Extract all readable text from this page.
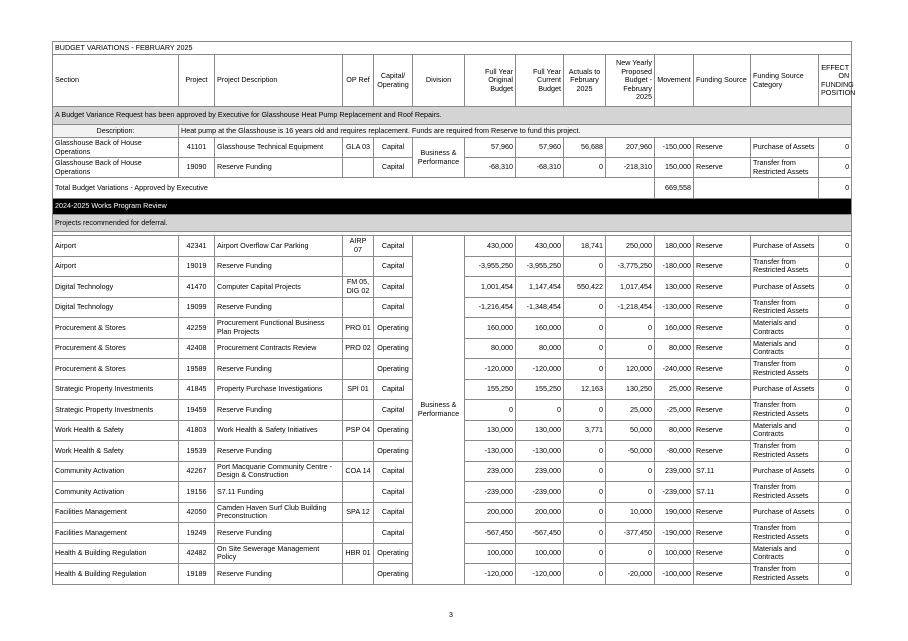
BUDGET VARIATIONS - FEBRUARY 2025													
Section	Project	Project Description	OP Ref	Capital/ Operating	Division	Full Year Original Budget	Full Year Current Budget	Actuals to February 2025	New Yearly Proposed Budget - February 2025	Movement	Funding Source	Funding Source Category	EFFECT ON FUNDING POSITION
A Budget Variance Request has been approved by Executive for Glasshouse Heat Pump Replacement and Roof Repairs.													
Description:	Heat pump at the Glasshouse is 16 years old and requires replacement. Funds are required from Reserve to fund this project.												
Glasshouse Back of House Operations	41101	Glasshouse Technical Equipment	GLA 03	Capital	Business & Performance	57,960	57,960	56,688	207,960	-150,000	Reserve	Purchase of Assets	0
Glasshouse Back of House Operations	19090	Reserve Funding		Capital		-68,310	-68,310	0	-218,310	150,000	Reserve	Transfer from Restricted Assets	0
Total Budget Variations - Approved by Executive										669,558			0
2024-2025 Works Program Review													
Projects recommended for deferral.													

Airport	42341	Airport Overflow Car Parking	AIRP 07	Capital	Business & Performance	430,000	430,000	18,741	250,000	180,000	Reserve	Purchase of Assets	0
Airport	19019	Reserve Funding		Capital		-3,955,250	-3,955,250	0	-3,775,250	-180,000	Reserve	Transfer from Restricted Assets	0
Digital Technology	41470	Computer Capital Projects	FM 05, DIG 02	Capital		1,001,454	1,147,454	550,422	1,017,454	130,000	Reserve	Purchase of Assets	0
Digital Technology	19099	Reserve Funding		Capital		-1,216,454	-1,348,454	0	-1,218,454	-130,000	Reserve	Transfer from Restricted Assets	0
Procurement & Stores	42259	Procurement Functional Business Plan Projects	PRO 01	Operating		160,000	160,000	0	0	160,000	Reserve	Materials and Contracts	0
Procurement & Stores	42408	Procurement Contracts Review	PRO 02	Operating		80,000	80,000	0	0	80,000	Reserve	Materials and Contracts	0
Procurement & Stores	19589	Reserve Funding		Operating		-120,000	-120,000	0	120,000	-240,000	Reserve	Transfer from Restricted Assets	0
Strategic Property Investments	41845	Property Purchase Investigations	SPI 01	Capital		155,250	155,250	12,163	130,250	25,000	Reserve	Purchase of Assets	0
Strategic Property Investments	19459	Reserve Funding		Capital		0	0	0	25,000	-25,000	Reserve	Transfer from Restricted Assets	0
Work Health & Safety	41803	Work Health & Safety Initiatives	PSP 04	Operating		130,000	130,000	3,771	50,000	80,000	Reserve	Materials and Contracts	0
Work Health & Safety	19539	Reserve Funding		Operating		-130,000	-130,000	0	-50,000	-80,000	Reserve	Transfer from Restricted Assets	0
Community Activation	42267	Port Macquarie Community Centre - Design & Construction	COA 14	Capital		239,000	239,000	0	0	239,000	S7.11	Purchase of Assets	0
Community Activation	19156	S7.11 Funding		Capital		-239,000	-239,000	0	0	-239,000	S7.11	Transfer from Restricted Assets	0
Facilities Management	42050	Camden Haven Surf Club Building Preconstruction	SPA 12	Capital		200,000	200,000	0	10,000	190,000	Reserve	Purchase of Assets	0
Facilities Management	19249	Reserve Funding		Capital		-567,450	-567,450	0	-377,450	-190,000	Reserve	Transfer from Restricted Assets	0
Health & Building Regulation	42482	On Site Sewerage Management Policy	HBR 01	Operating		100,000	100,000	0	0	100,000	Reserve	Materials and Contracts	0
Health & Building Regulation	19189	Reserve Funding		Operating		-120,000	-120,000	0	-20,000	-100,000	Reserve	Transfer from Restricted Assets	0
3
